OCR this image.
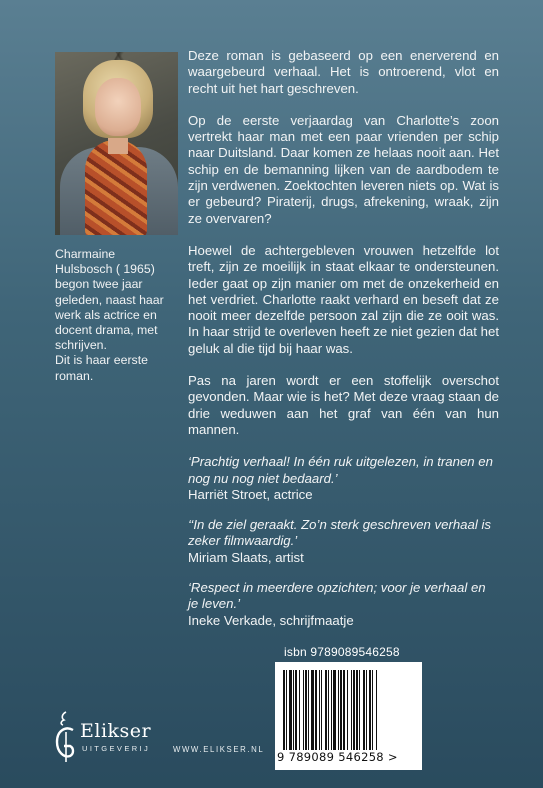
Charmaine
Hulsbosch ( 1965)
begon twee jaar
geleden, naast haar
werk als actrice en
docent drama, met
schrijven.
Dit is haar eerste
roman.

Deze roman is gebaseerd op een enerverend en waargebeurd verhaal. Het is ontroerend, vlot en recht uit het hart geschreven.

Op de eerste verjaardag van Charlotte’s zoon vertrekt haar man met een paar vrienden per schip naar Duitsland. Daar komen ze helaas nooit aan. Het schip en de bemanning lijken van de aardbodem te zijn verdwenen. Zoektochten leveren niets op. Wat is er gebeurd? Piraterij, drugs, afrekening, wraak, zijn ze overvaren?

Hoewel de achtergebleven vrouwen hetzelfde lot treft, zijn ze moeilijk in staat elkaar te ondersteunen. Ieder gaat op zijn manier om met de onzekerheid en het verdriet. Charlotte raakt verhard en beseft dat ze nooit meer dezelfde persoon zal zijn die ze ooit was. In haar strijd te overleven heeft ze niet gezien dat het geluk al die tijd bij haar was.

Pas na jaren wordt er een stoffelijk overschot gevonden. Maar wie is het? Met deze vraag staan de drie weduwen aan het graf van één van hun mannen.

‘Prachtig verhaal! In één ruk uitgelezen, in tranen en nog nu nog niet bedaard.’
Harriët Stroet, actrice
‘‘In de ziel geraakt. Zo’n sterk geschreven verhaal is zeker filmwaardig.’
Miriam Slaats, artist
‘Respect in meerdere opzichten; voor je verhaal en je leven.’
Ineke Verkade, schrijfmaatje
Elikser
UITGEVERIJ	WWW.ELIKSER.NL
isbn 9789089546258
9 789089 546258 >
